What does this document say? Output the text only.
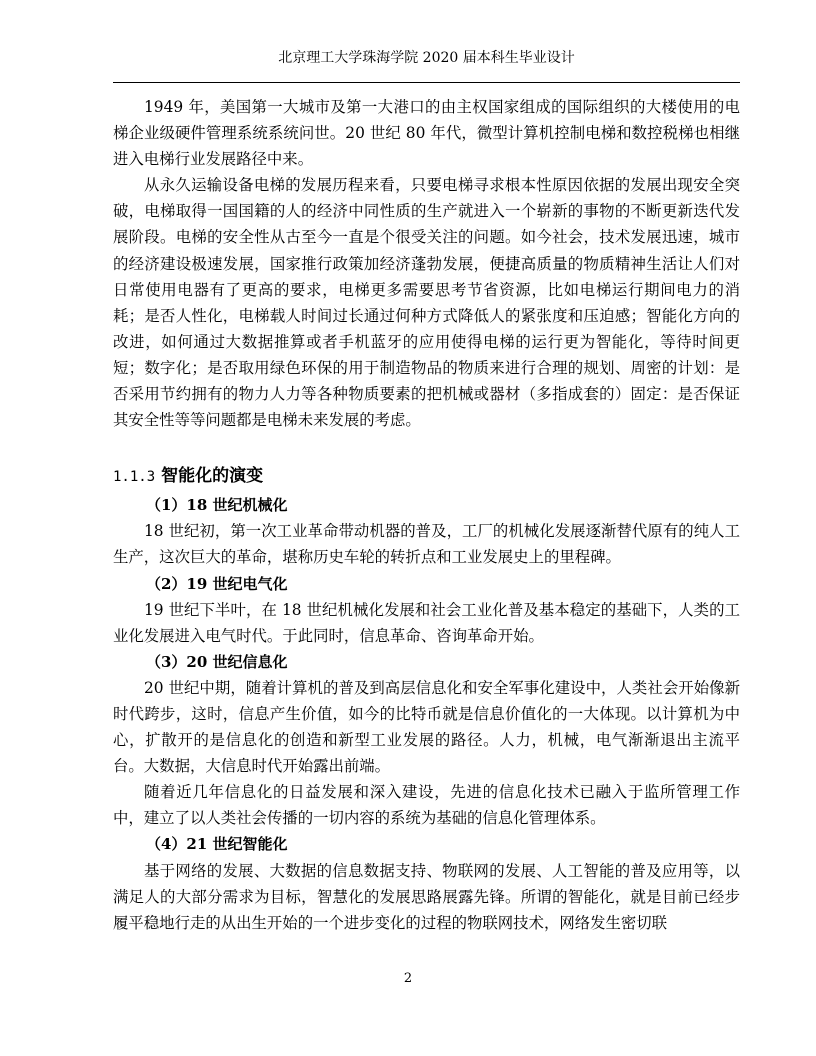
北京理工大学珠海学院 2020 届本科生毕业设计

1949 年，美国第一大城市及第一大港口的由主权国家组成的国际组织的大楼使用的电梯企业级硬件管理系统系统问世。20 世纪 80 年代，微型计算机控制电梯和数控税梯也相继进入电梯行业发展路径中来。

从永久运输设备电梯的发展历程来看，只要电梯寻求根本性原因依据的发展出现安全突破，电梯取得一国国籍的人的经济中同性质的生产就进入一个崭新的事物的不断更新迭代发展阶段。电梯的安全性从古至今一直是个很受关注的问题。如今社会，技术发展迅速，城市的经济建设极速发展，国家推行政策加经济蓬勃发展，便捷高质量的物质精神生活让人们对日常使用电器有了更高的要求，电梯更多需要思考节省资源，比如电梯运行期间电力的消耗；是否人性化，电梯载人时间过长通过何种方式降低人的紧张度和压迫感；智能化方向的改进，如何通过大数据推算或者手机蓝牙的应用使得电梯的运行更为智能化，等待时间更短；数字化；是否取用绿色环保的用于制造物品的物质来进行合理的规划、周密的计划：是否采用节约拥有的物力人力等各种物质要素的把机械或器材（多指成套的）固定：是否保证其安全性等等问题都是电梯未来发展的考虑。

1.1.3 智能化的演变
（1）18 世纪机械化

18 世纪初，第一次工业革命带动机器的普及，工厂的机械化发展逐渐替代原有的纯人工生产，这次巨大的革命，堪称历史车轮的转折点和工业发展史上的里程碑。

（2）19 世纪电气化

19 世纪下半叶，在 18 世纪机械化发展和社会工业化普及基本稳定的基础下，人类的工业化发展进入电气时代。于此同时，信息革命、咨询革命开始。

（3）20 世纪信息化

20 世纪中期，随着计算机的普及到高层信息化和安全军事化建设中，人类社会开始像新时代跨步，这时，信息产生价值，如今的比特币就是信息价值化的一大体现。以计算机为中心，扩散开的是信息化的创造和新型工业发展的路径。人力，机械，电气渐渐退出主流平台。大数据，大信息时代开始露出前端。

随着近几年信息化的日益发展和深入建设，先进的信息化技术已融入于监所管理工作中，建立了以人类社会传播的一切内容的系统为基础的信息化管理体系。

（4）21 世纪智能化

基于网络的发展、大数据的信息数据支持、物联网的发展、人工智能的普及应用等，以满足人的大部分需求为目标，智慧化的发展思路展露先锋。所谓的智能化，就是目前已经步履平稳地行走的从出生开始的一个进步变化的过程的物联网技术，网络发生密切联

2
